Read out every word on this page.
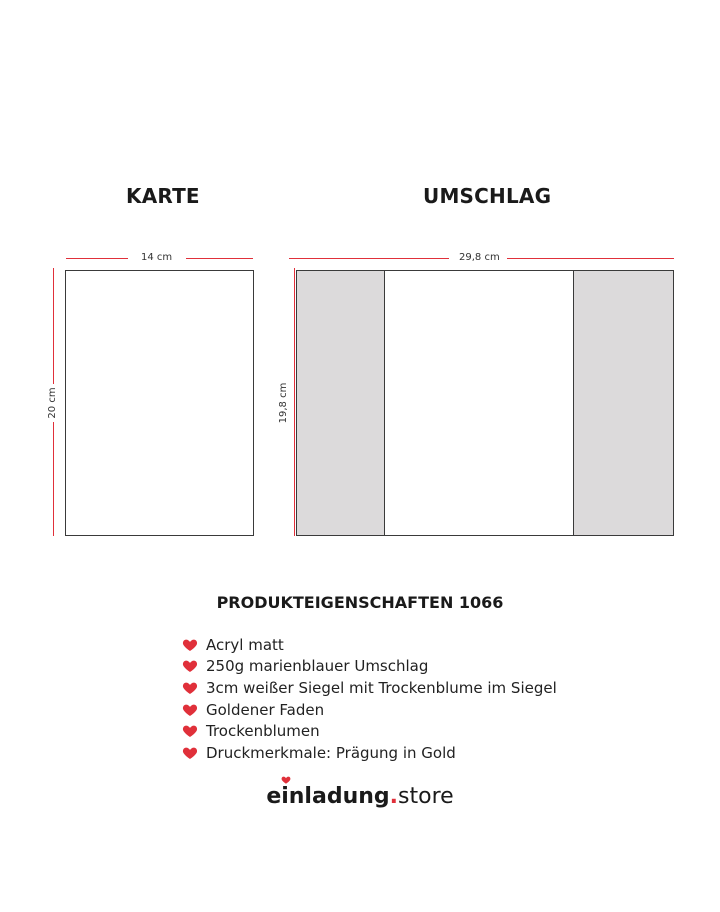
KARTE	UMSCHLAG
14 cm
20 cm
29,8 cm
19,8 cm
PRODUKTEIGENSCHAFTEN 1066
Acryl matt
250g marienblauer Umschlag
3cm weißer Siegel mit Trockenblume im Siegel
Goldener Faden
Trockenblumen
Druckmerkmale: Prägung in Gold
einladung.store
